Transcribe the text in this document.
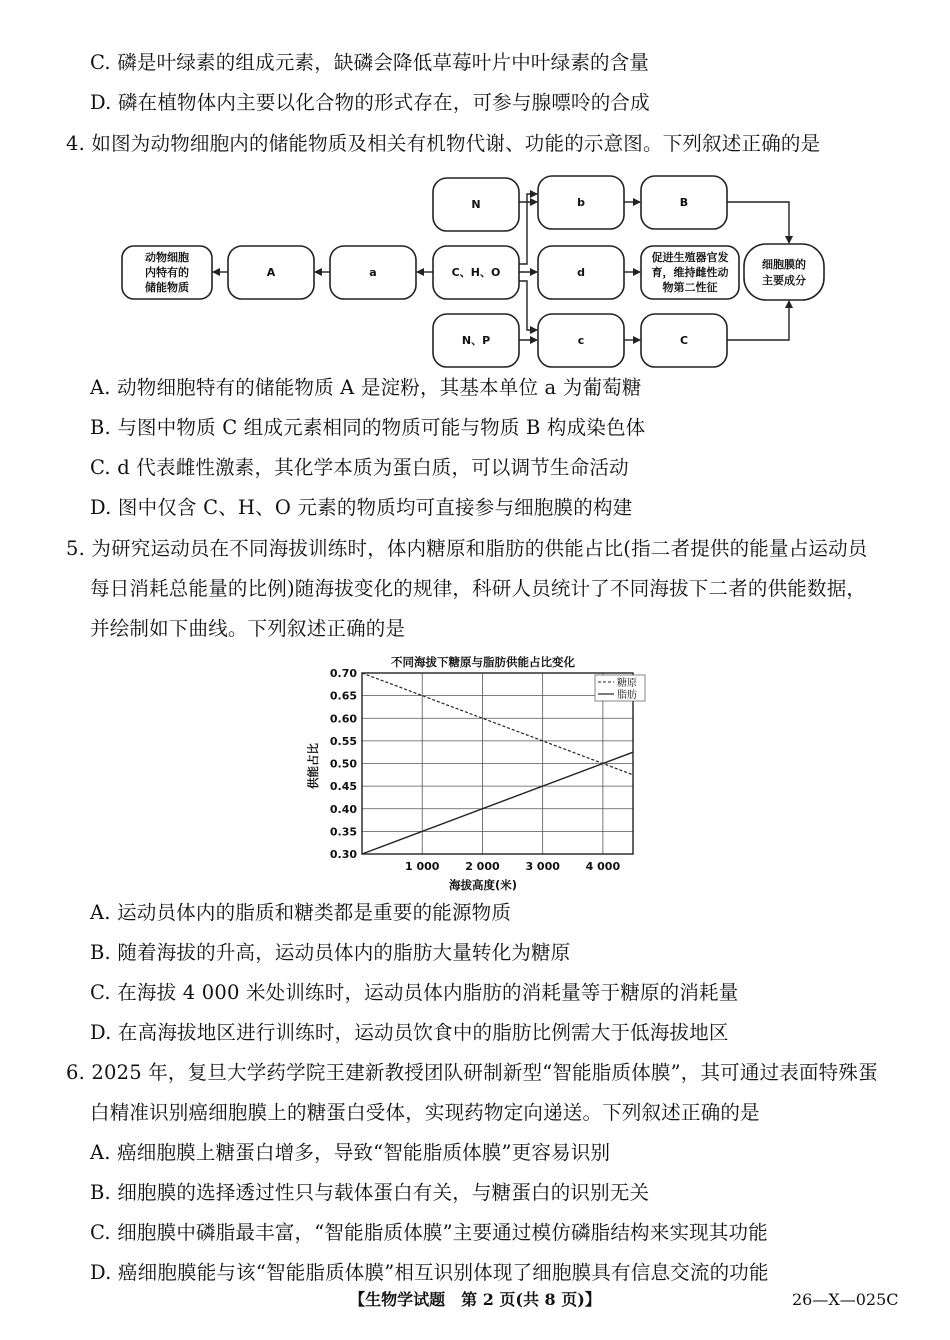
C. 磷是叶绿素的组成元素，缺磷会降低草莓叶片中叶绿素的含量
D. 磷在植物体内主要以化合物的形式存在，可参与腺嘌呤的合成
4. 如图为动物细胞内的储能物质及相关有机物代谢、功能的示意图。下列叙述正确的是
动物细胞
内特有的
储能物质
A	a	C、H、O
N
N、P
b
d
c
B
C
促进生殖器官发
育，维持雌性动
物第二性征
细胞膜的
主要成分
A. 动物细胞特有的储能物质 A 是淀粉，其基本单位 a 为葡萄糖
B. 与图中物质 C 组成元素相同的物质可能与物质 B 构成染色体
C. d 代表雌性激素，其化学本质为蛋白质，可以调节生命活动
D. 图中仅含 C、H、O 元素的物质均可直接参与细胞膜的构建
5. 为研究运动员在不同海拔训练时，体内糖原和脂肪的供能占比(指二者提供的能量占运动员
每日消耗总能量的比例)随海拔变化的规律，科研人员统计了不同海拔下二者的供能数据，
并绘制如下曲线。下列叙述正确的是
不同海拔下糖原与脂肪供能占比变化
0.30
0.35
0.40
0.45
0.50
0.55
0.60
0.65
0.70
1 000 2 000 3 000 4 000
糖原
脂肪
海拔高度(米)
供能占比
A. 运动员体内的脂质和糖类都是重要的能源物质
B. 随着海拔的升高，运动员体内的脂肪大量转化为糖原
C. 在海拔 4 000 米处训练时，运动员体内脂肪的消耗量等于糖原的消耗量
D. 在高海拔地区进行训练时，运动员饮食中的脂肪比例需大于低海拔地区
6. 2025 年，复旦大学药学院王建新教授团队研制新型“智能脂质体膜”，其可通过表面特殊蛋
白精准识别癌细胞膜上的糖蛋白受体，实现药物定向递送。下列叙述正确的是
A. 癌细胞膜上糖蛋白增多，导致“智能脂质体膜”更容易识别
B. 细胞膜的选择透过性只与载体蛋白有关，与糖蛋白的识别无关
C. 细胞膜中磷脂最丰富，“智能脂质体膜”主要通过模仿磷脂结构来实现其功能
D. 癌细胞膜能与该“智能脂质体膜”相互识别体现了细胞膜具有信息交流的功能
【生物学试题　第 2 页(共 8 页)】	26—X—025C
